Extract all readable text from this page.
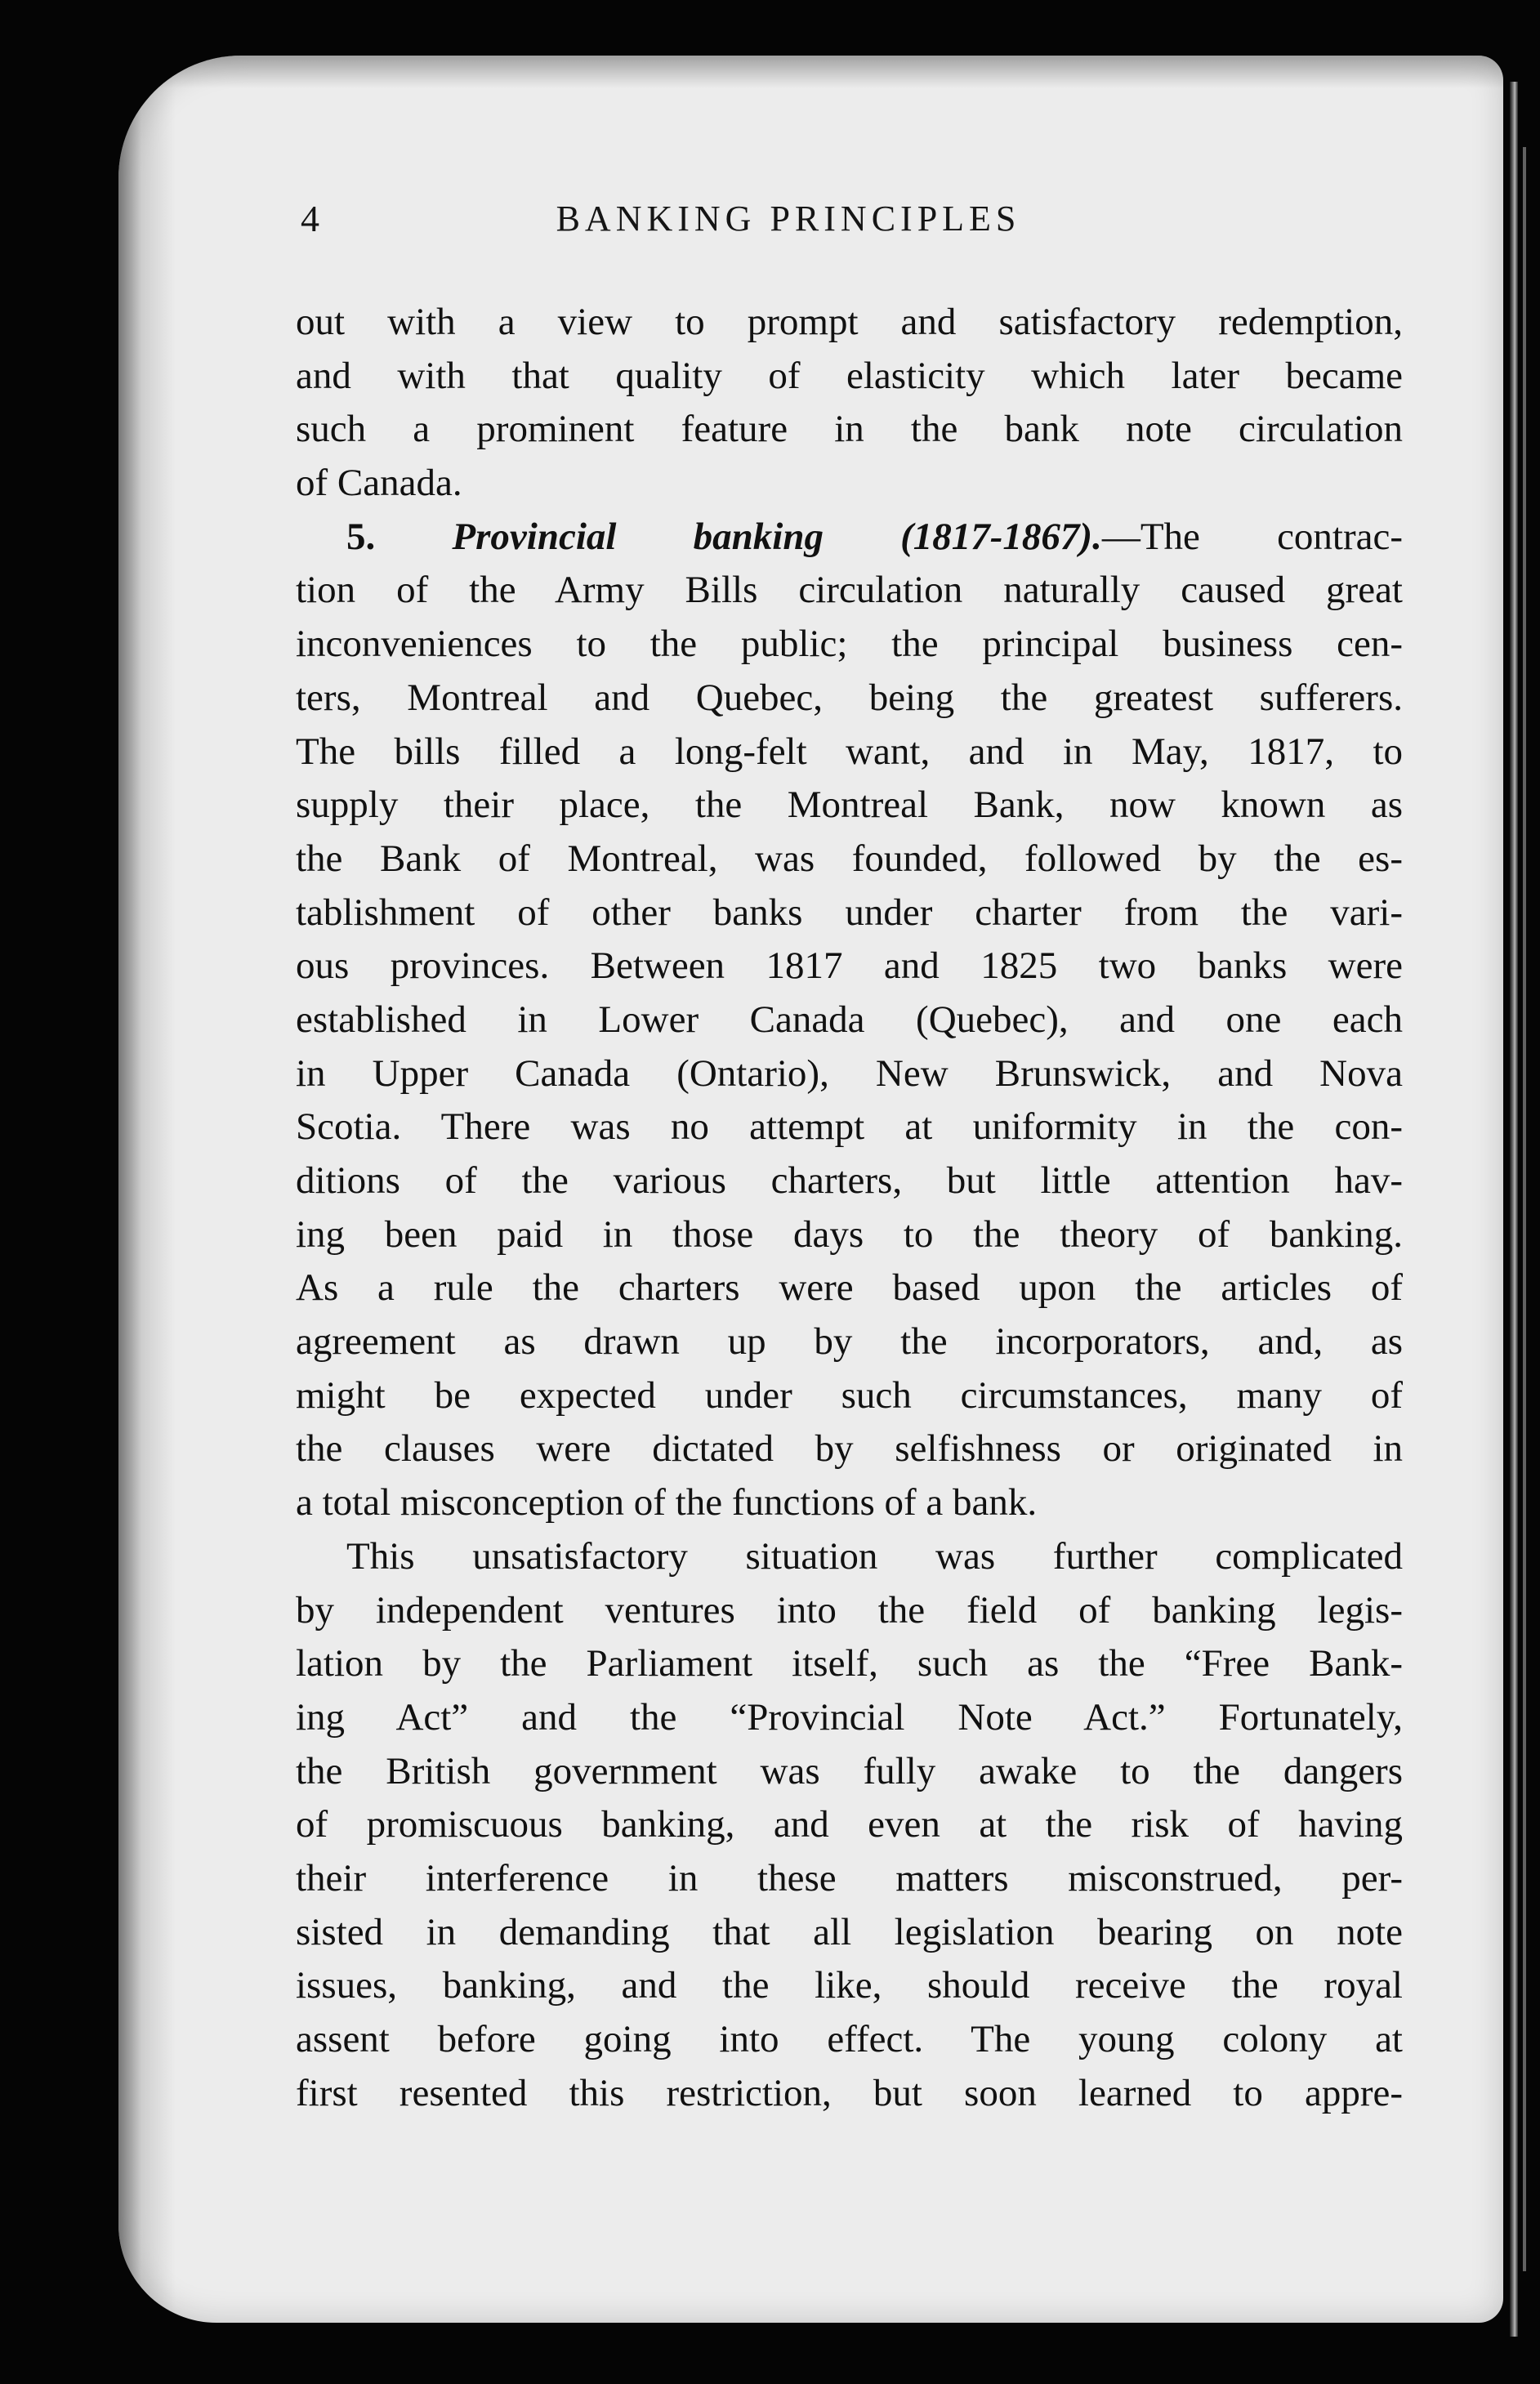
4	BANKING PRINCIPLES
out with a view to prompt and satisfactory redemption,
and with that quality of elasticity which later became
such a prominent feature in the bank note circulation
of Canada.
5. Provincial banking (1817-1867).—The contrac-
tion of the Army Bills circulation naturally caused great
inconveniences to the public; the principal business cen-
ters, Montreal and Quebec, being the greatest sufferers.
The bills filled a long-felt want, and in May, 1817, to
supply their place, the Montreal Bank, now known as
the Bank of Montreal, was founded, followed by the es-
tablishment of other banks under charter from the vari-
ous provinces. Between 1817 and 1825 two banks were
established in Lower Canada (Quebec), and one each
in Upper Canada (Ontario), New Brunswick, and Nova
Scotia. There was no attempt at uniformity in the con-
ditions of the various charters, but little attention hav-
ing been paid in those days to the theory of banking.
As a rule the charters were based upon the articles of
agreement as drawn up by the incorporators, and, as
might be expected under such circumstances, many of
the clauses were dictated by selfishness or originated in
a total misconception of the functions of a bank.
This unsatisfactory situation was further complicated
by independent ventures into the field of banking legis-
lation by the Parliament itself, such as the “Free Bank-
ing Act” and the “Provincial Note Act.” Fortunately,
the British government was fully awake to the dangers
of promiscuous banking, and even at the risk of having
their interference in these matters misconstrued, per-
sisted in demanding that all legislation bearing on note
issues, banking, and the like, should receive the royal
assent before going into effect. The young colony at
first resented this restriction, but soon learned to appre-
